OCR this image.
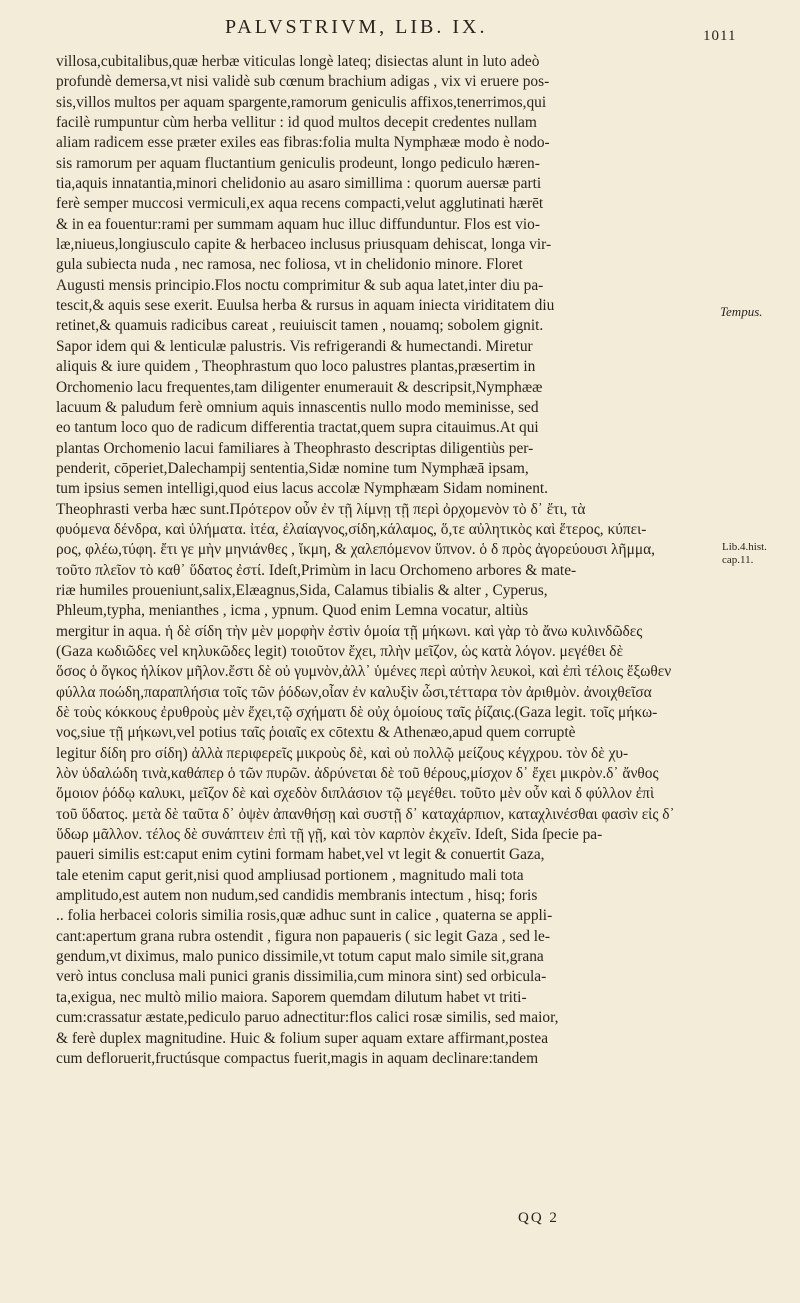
PALVSTRIVM, LIB. IX.	1011
Tempus.
Lib.4.hist.
cap.11.

villosa,cubitalibus,quæ herbæ viticulas longè lateq; disiectas alunt in luto adeò

profundè demersa,vt nisi validè sub cœnum brachium adigas , vix vi eruere pos-

sis,villos multos per aquam spargente,ramorum geniculis affixos,tenerrimos,qui

facilè rumpuntur cùm herba vellitur : id quod multos decepit credentes nullam

aliam radicem esse præter exiles eas fibras:folia multa Nymphææ modo è nodo-

sis ramorum per aquam fluctantium geniculis prodeunt, longo pediculo hæren-

tia,aquis innatantia,minori chelidonio au asaro simillima : quorum auersæ parti

ferè semper muccosi vermiculi,ex aqua recens compacti,velut agglutinati hærēt

& in ea fouentur:rami per summam aquam huc illuc diffunduntur. Flos est vio-

læ,niueus,longiusculo capite & herbaceo inclusus priusquam dehiscat, longa vir-

gula subiecta nuda , nec ramosa, nec foliosa, vt in chelidonio minore. Floret

Augusti mensis principio.Flos noctu comprimitur & sub aqua latet,inter diu pa-

tescit,& aquis sese exerit. Euulsa herba & rursus in aquam iniecta viriditatem diu

retinet,& quamuis radicibus careat , reuiuiscit tamen , nouamq; sobolem gignit.

Sapor idem qui & lenticulæ palustris. Vis refrigerandi & humectandi. Miretur

aliquis & iure quidem , Theophrastum quo loco palustres plantas,præsertim in

Orchomenio lacu frequentes,tam diligenter enumerauit & descripsit,Nymphææ

lacuum & paludum ferè omnium aquis innascentis nullo modo meminisse, sed

eo tantum loco quo de radicum differentia tractat,quem supra citauimus.At qui

plantas Orchomenio lacui familiares à Theophrasto descriptas diligentiùs per-

penderit, cōperiet,Dalechampij sententia,Sidæ nomine tum Nymphæā ipsam,

tum ipsius semen intelligi,quod eius lacus accolæ Nymphæam Sidam nominent.

Theophrasti verba hæc sunt.Πρότερον οὖν ἐν τῇ λίμνῃ τῇ περὶ ὀρχομενὸν τὸ δ᾿ ἔτι, τὰ

φυόμενα δένδρα, καὶ ὑλήματα. ἰτέα, ἐλαίαγνος,σίδη,κάλαμος, ὅ,τε αὐλητικὸς καὶ ἕτερος, κύπει-

ρος, φλέω,τύφη. ἔτι γε μὴν μηνιάνθες , ἴκμη, & χαλεπόμενον ὕπνον. ὁ δ πρὸς ἀγορεύουσι λῆμμα,

τοῦτο πλεῖον τὸ καθ᾿ ὕδατος ἐστί. Ideſt,Primùm in lacu Orchomeno arbores & mate-

riæ humiles proueniunt,salix,Elæagnus,Sida, Calamus tibialis & alter , Cyperus,

Phleum,typha, menianthes , icma , ypnum. Quod enim Lemna vocatur, altiùs

mergitur in aqua. ἡ δὲ σίδη τὴν μὲν μορφὴν ἐστὶν ὁμοία τῇ μήκωνι. καὶ γὰρ τὸ ἄνω κυλινδῶδες

(Gaza κωδιῶδες vel κηλυκῶδες legit) τοιοῦτον ἔχει, πλὴν μεῖζον, ὡς κατὰ λόγον. μεγέθει δὲ

ὅσος ὁ ὄγκος ἡλίκον μῆλον.ἔστι δὲ οὐ γυμνὸν,ἀλλ᾿ ὑμένες περὶ αὐτὴν λευκοὶ, καὶ ἐπὶ τέλοις ἔξωθεν

φύλλα ποώδη,παραπλήσια τοῖς τῶν ῥόδων,οἷαν ἐν καλυξὶν ὦσι,τέτταρα τὸν ἀριθμὸν. ἀνοιχθεῖσα

δὲ τοὺς κόκκους ἐρυθροὺς μὲν ἔχει,τῷ σχήματι δὲ οὐχ ὁμοίους ταῖς ῥίζαις.(Gaza legit. τοῖς μήκω-

νος,siue τῇ μήκωνι,vel potius ταῖς ῥοιαῖς ex cōtextu & Athenæo,apud quem corruptè

legitur δίδη pro σίδη) ἀλλὰ περιφερεῖς μικροὺς δὲ, καὶ οὐ πολλῷ μείζους κέγχρου. τὸν δὲ χυ-

λὸν ὑδαλώδη τινὰ,καθάπερ ὁ τῶν πυρῶν. ἀδρύνεται δὲ τοῦ θέρους,μίσχον δ᾿ ἔχει μικρὸν.δ᾿ ἄνθος

ὅμοιον ῥόδῳ καλυκι, μεῖζον δὲ καὶ σχεδὸν διπλάσιον τῷ μεγέθει. τοῦτο μὲν οὖν καὶ δ φύλλον ἐπὶ

τοῦ ὕδατος. μετὰ δὲ ταῦτα δ᾿ ὀψὲν ἀπανθήσῃ καὶ συστῇ δ᾿ καταχάρπιον, καταχλινέσθαι φασὶν εἰς δ᾿

ὕδωρ μᾶλλον. τέλος δὲ συνάπτειν ἐπὶ τῇ γῇ, καὶ τὸν καρπὸν ἐκχεῖν. Ideſt, Sida ſpecie pa-

paueri similis est:caput enim cytini formam habet,vel vt legit & conuertit Gaza,

tale etenim caput gerit,nisi quod ampliusad portionem , magnitudo mali tota

amplitudo,est autem non nudum,sed candidis membranis intectum , hisq; foris

.. folia herbacei coloris similia rosis,quæ adhuc sunt in calice , quaterna se appli-

cant:apertum grana rubra ostendit , figura non papaueris ( sic legit Gaza , sed le-

gendum,vt diximus, malo punico dissimile,vt totum caput malo simile sit,grana

verò intus conclusa mali punici granis dissimilia,cum minora sint) sed orbicula-

ta,exigua, nec multò milio maiora. Saporem quemdam dilutum habet vt triti-

cum:crassatur æstate,pediculo paruo adnectitur:flos calici rosæ similis, sed maior,

& ferè duplex magnitudine. Huic & folium super aquam extare affirmant,postea

cum defloruerit,fructúsque compactus fuerit,magis in aquam declinare:tandem

QQ 2
